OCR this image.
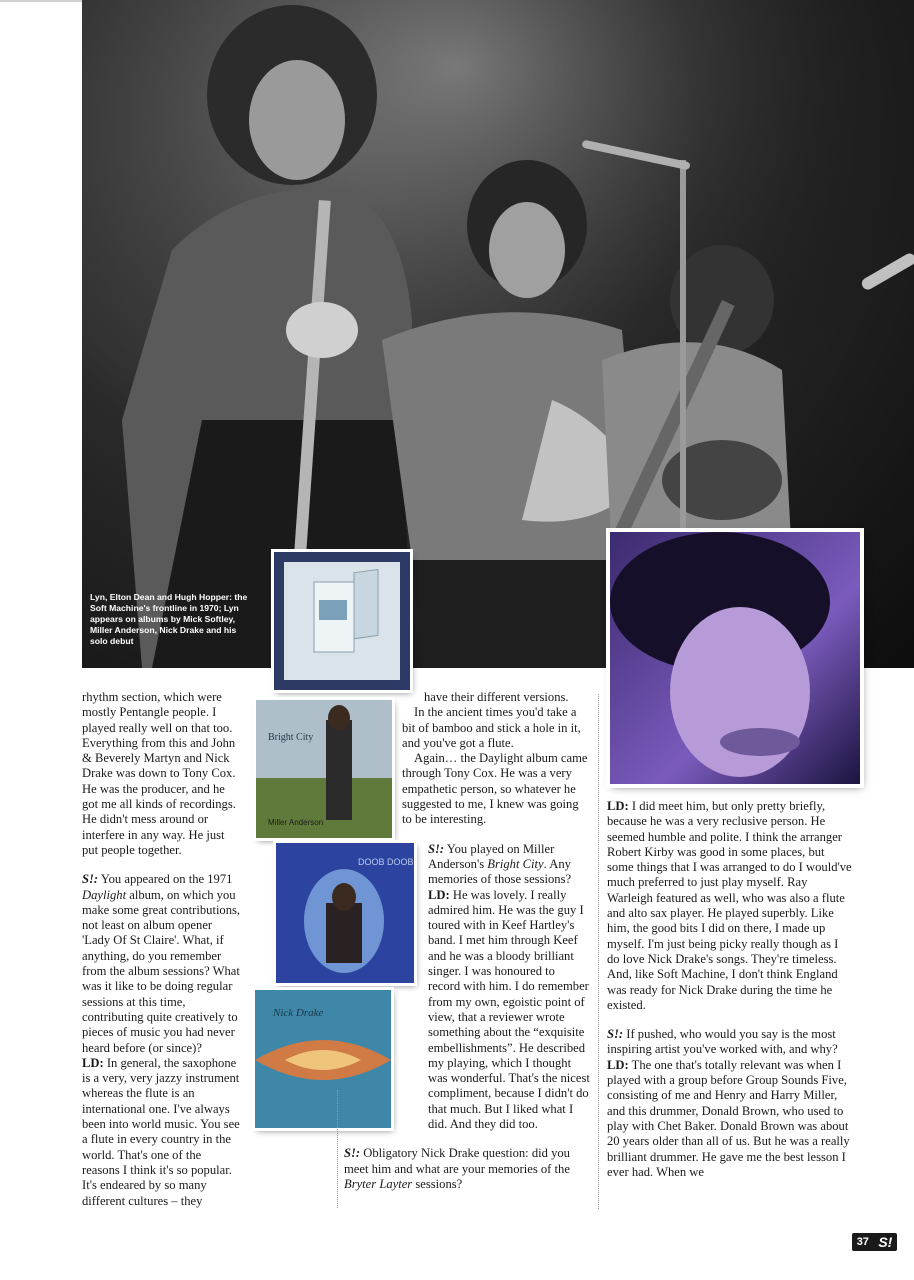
Lyn, Elton Dean and Hugh Hopper: the Soft Machine's frontline in 1970; Lyn appears on albums by Mick Softley, Miller Anderson, Nick Drake and his solo debut
Bright City
Miller Anderson
DOOB DOOB
Nick Drake

rhythm section, which were mostly Pentangle people. I played really well on that too. Everything from this and John & Beverely Martyn and Nick Drake was down to Tony Cox. He was the producer, and he got me all kinds of recordings. He didn't mess around or interfere in any way. He just put people together.

S!: You appeared on the 1971 Daylight album, on which you make some great contributions, not least on album opener 'Lady Of St Claire'. What, if anything, do you remember from the album sessions? What was it like to be doing regular sessions at this time, contributing quite creatively to pieces of music you had never heard before (or since)?

LD: In general, the saxophone is a very, very jazzy instrument whereas the flute is an international one. I've always been into world music. You see a flute in every country in the world. That's one of the reasons I think it's so popular. It's endeared by so many different cultures – they

have their different versions.

In the ancient times you'd take a bit of bamboo and stick a hole in it, and you've got a flute.

Again… the Daylight album came through Tony Cox. He was a very empathetic person, so whatever he suggested to me, I knew was going to be interesting.

S!: You played on Miller Anderson's Bright City. Any memories of those sessions?

LD: He was lovely. I really admired him. He was the guy I toured with in Keef Hartley's band. I met him through Keef and he was a bloody brilliant singer. I was honoured to record with him. I do remember from my own, egoistic point of view, that a reviewer wrote something about the “exquisite embellishments”. He described my playing, which I thought was wonderful. That's the nicest compliment, because I didn't do that much. But I liked what I did. And they did too.

S!: Obligatory Nick Drake question: did you meet him and what are your memories of the Bryter Layter sessions?

LD: I did meet him, but only pretty briefly, because he was a very reclusive person. He seemed humble and polite. I think the arranger Robert Kirby was good in some places, but some things that I was arranged to do I would've much preferred to just play myself. Ray Warleigh featured as well, who was also a flute and alto sax player. He played superbly. Like him, the good bits I did on there, I made up myself. I'm just being picky really though as I do love Nick Drake's songs. They're timeless. And, like Soft Machine, I don't think England was ready for Nick Drake during the time he existed.

S!: If pushed, who would you say is the most inspiring artist you've worked with, and why?

LD: The one that's totally relevant was when I played with a group before Group Sounds Five, consisting of me and Henry and Harry Miller, and this drummer, Donald Brown, who used to play with Chet Baker. Donald Brown was about 20 years older than all of us. But he was a really brilliant drummer. He gave me the best lesson I ever had. When we

37 S!
